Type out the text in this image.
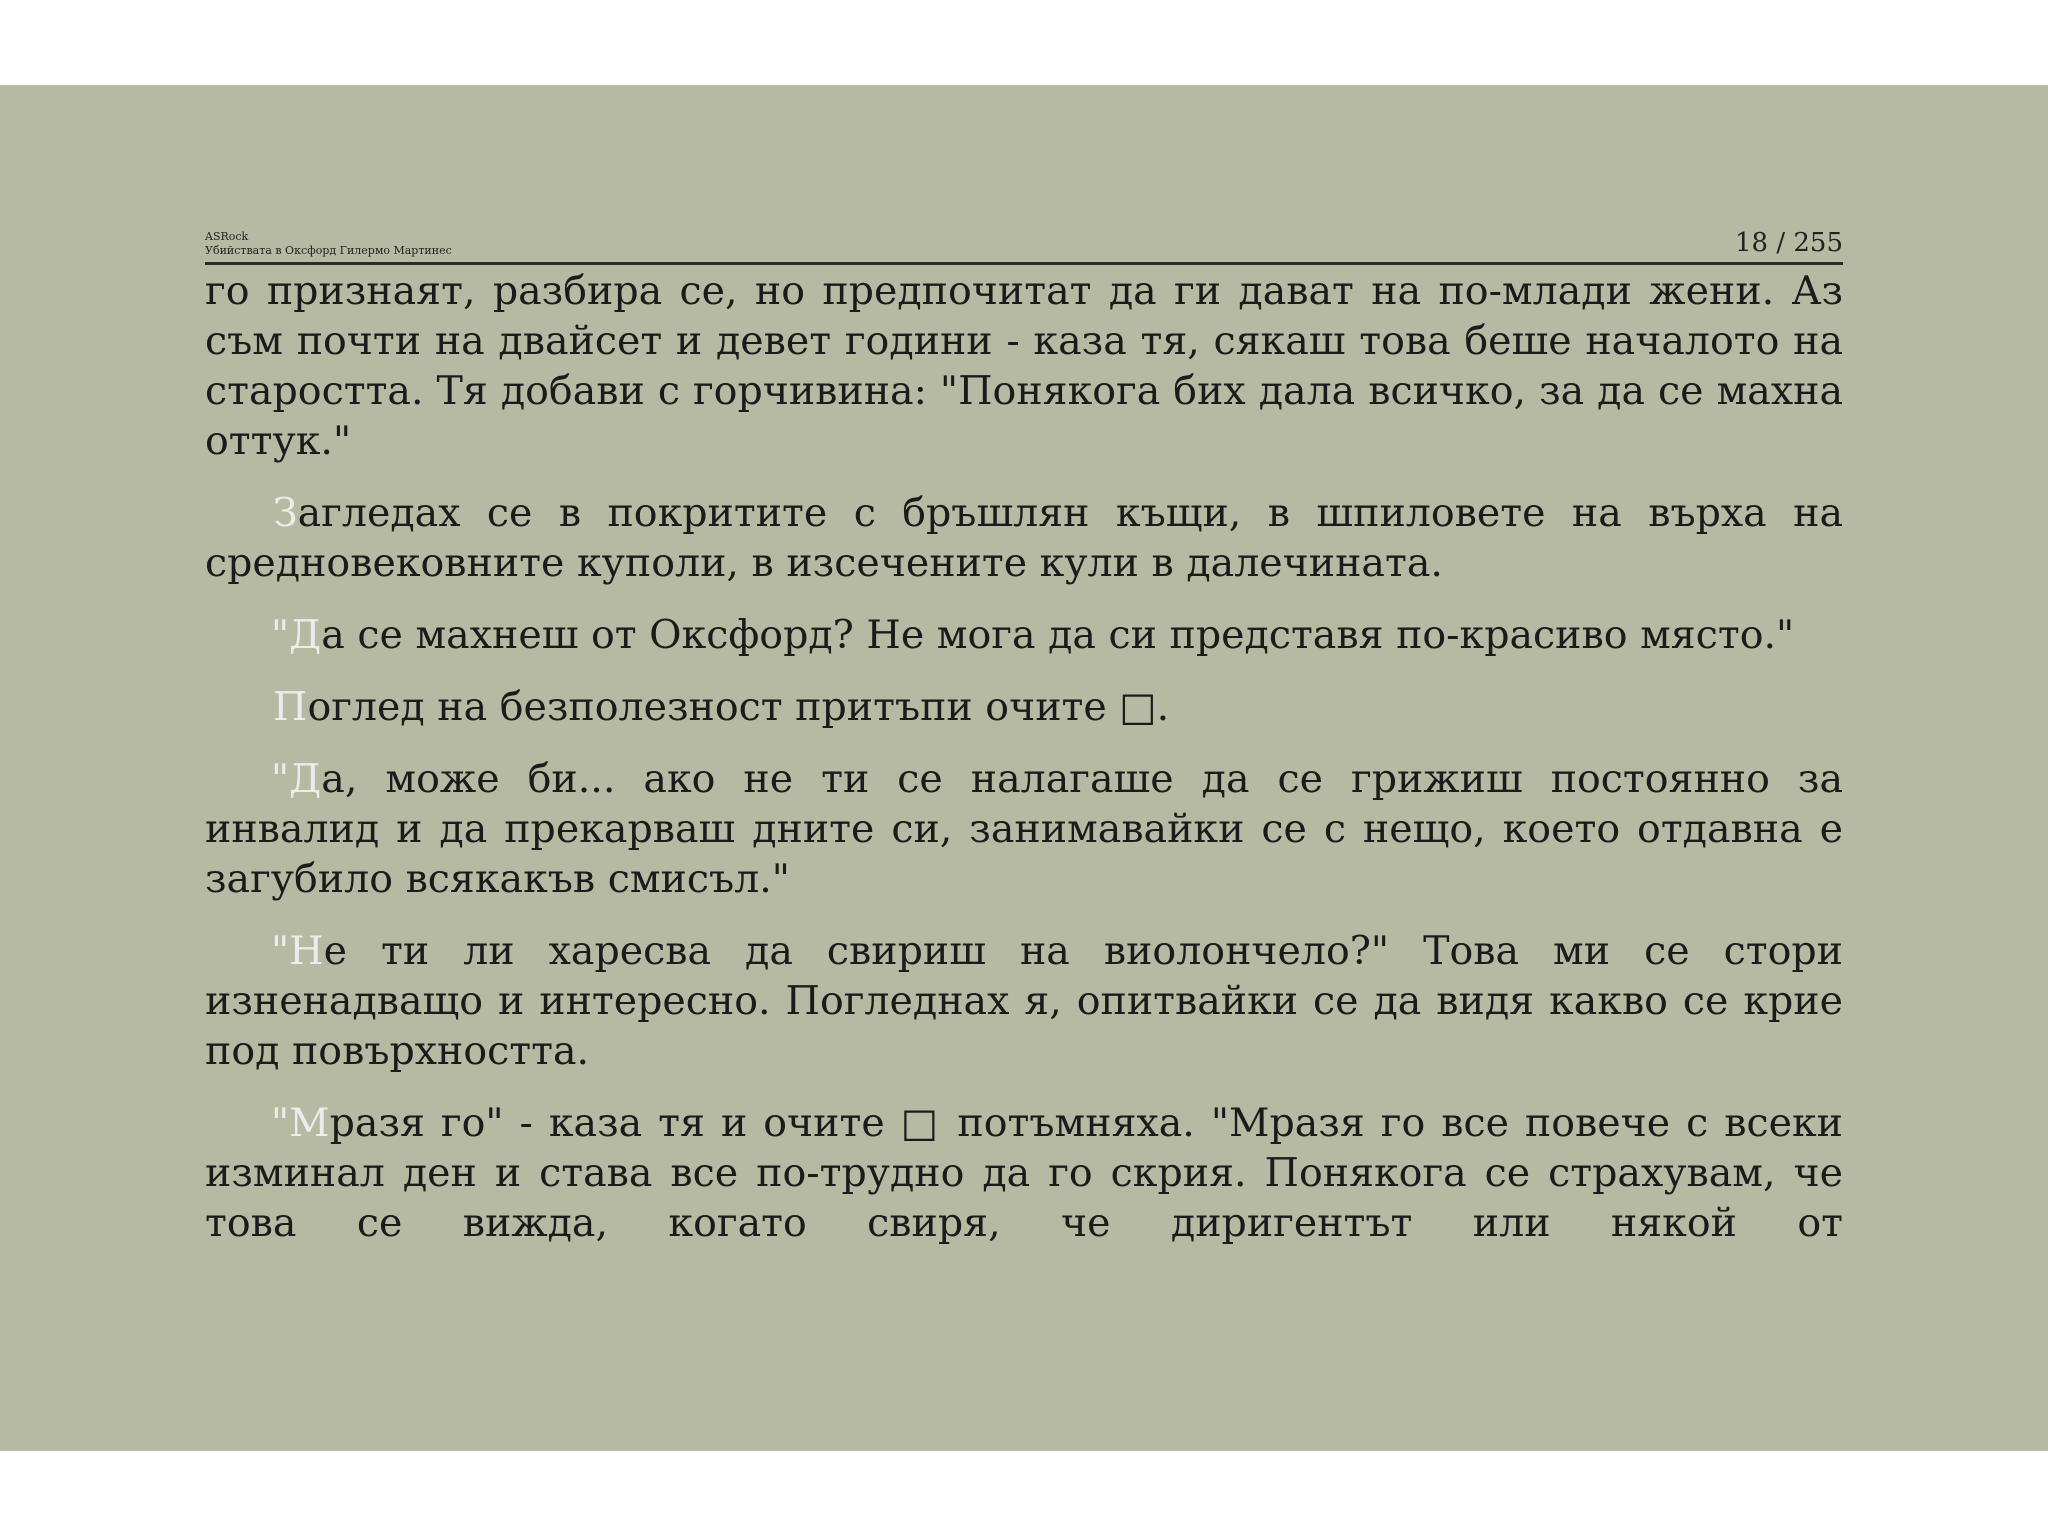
ASRock
Убийствата в Оксфорд Гилермо Мартинес	18 / 255

го признаят, разбира се, но предпочитат да ги дават на по-млади жени. Аз съм почти на двайсет и девет години - каза тя, сякаш това беше началото на старостта. Тя добави с горчивина: "Понякога бих дала всичко, за да се махна оттук."

Загледах се в покритите с бръшлян къщи, в шпиловете на върха на средновековните куполи, в изсечените кули в далечината.

"Да се махнеш от Оксфорд? Не мога да си представя по-красиво място."

Поглед на безполезност притъпи очите □.

"Да, може би... ако не ти се налагаше да се грижиш постоянно за инвалид и да прекарваш дните си, занимавайки се с нещо, което отдавна е загубило всякакъв смисъл."

"Не ти ли харесва да свириш на виолончело?" Това ми се стори изненадващо и интересно. Погледнах я, опитвайки се да видя какво се крие под повърхността.

"Мразя го" - каза тя и очите □ потъмняха. "Мразя го все повече с всеки изминал ден и става все по-трудно да го скрия. Понякога се страхувам, че това се вижда, когато свиря, че диригентът или някой от
